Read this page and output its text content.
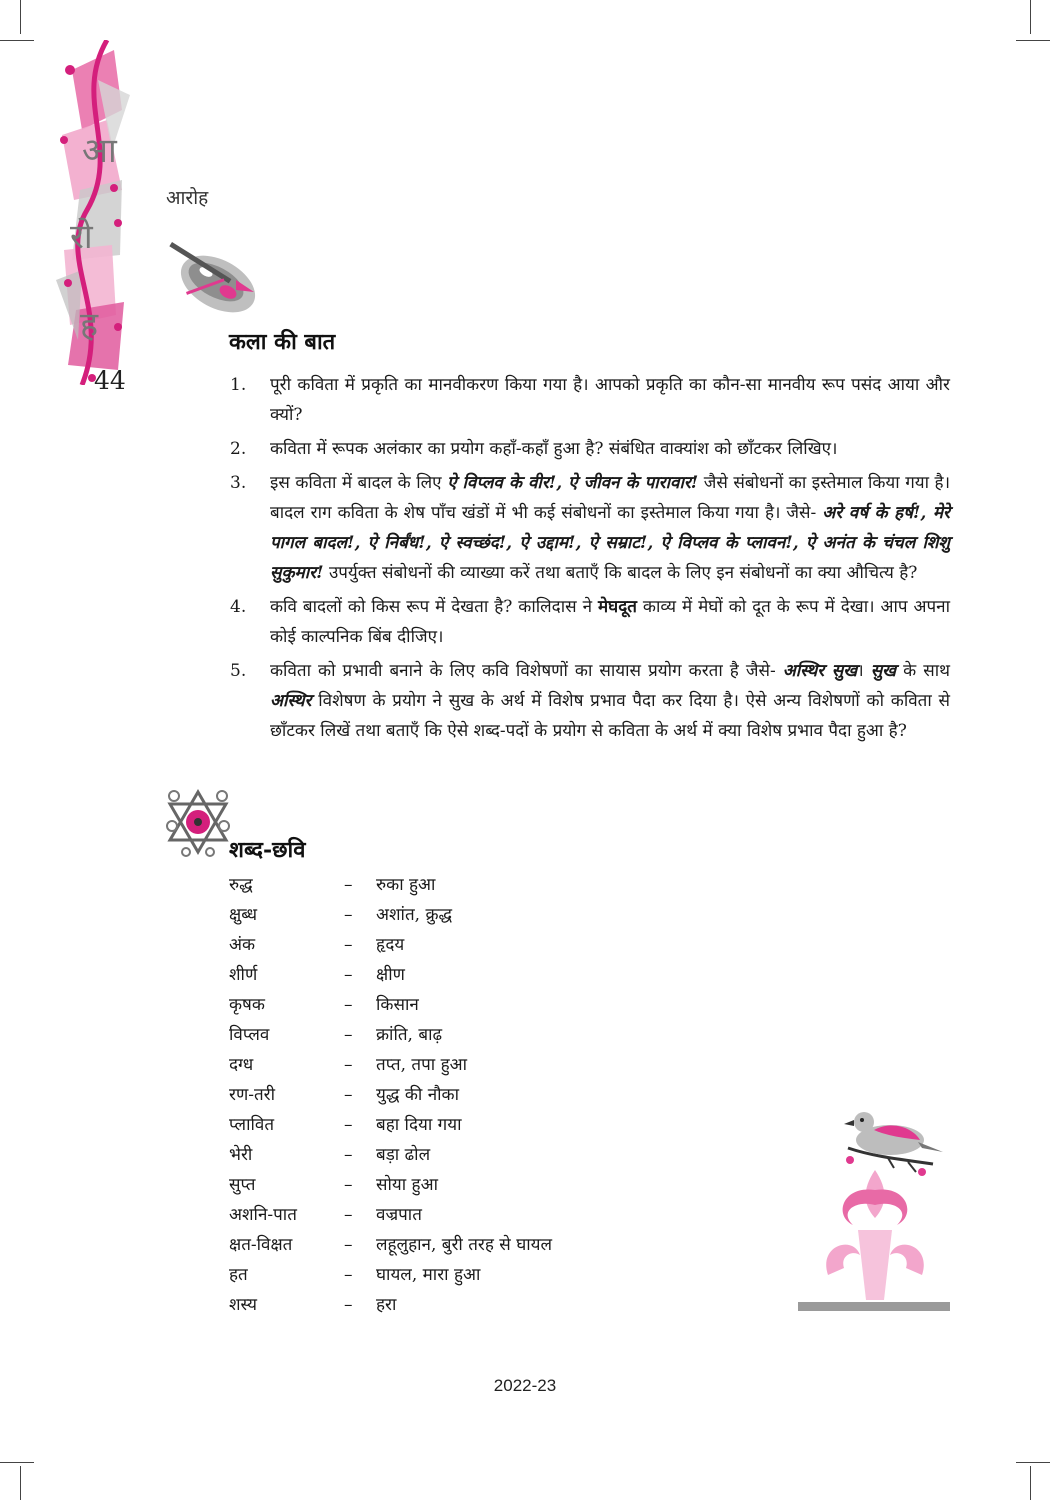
आ
रो
ह
44
आरोह
कला की बात
1. पूरी कविता में प्रकृति का मानवीकरण किया गया है। आपको प्रकृति का कौन-सा मानवीय रूप पसंद आया और क्यों?
2. कविता में रूपक अलंकार का प्रयोग कहाँ-कहाँ हुआ है? संबंधित वाक्यांश को छाँटकर लिखिए।
3. इस कविता में बादल के लिए ऐ विप्लव के वीर!, ऐ जीवन के पारावार! जैसे संबोधनों का इस्तेमाल किया गया है। बादल राग कविता के शेष पाँच खंडों में भी कई संबोधनों का इस्तेमाल किया गया है। जैसे- अरे वर्ष के हर्ष!, मेरे पागल बादल!, ऐ निर्बंध!, ऐ स्वच्छंद!, ऐ उद्दाम!, ऐ सम्राट!, ऐ विप्लव के प्लावन!, ऐ अनंत के चंचल शिशु सुकुमार! उपर्युक्त संबोधनों की व्याख्या करें तथा बताएँ कि बादल के लिए इन संबोधनों का क्या औचित्य है?
4. कवि बादलों को किस रूप में देखता है? कालिदास ने मेघदूत काव्य में मेघों को दूत के रूप में देखा। आप अपना कोई काल्पनिक बिंब दीजिए।
5. कविता को प्रभावी बनाने के लिए कवि विशेषणों का सायास प्रयोग करता है जैसे- अस्थिर सुख। सुख के साथ अस्थिर विशेषण के प्रयोग ने सुख के अर्थ में विशेष प्रभाव पैदा कर दिया है। ऐसे अन्य विशेषणों को कविता से छाँटकर लिखें तथा बताएँ कि ऐसे शब्द-पदों के प्रयोग से कविता के अर्थ में क्या विशेष प्रभाव पैदा हुआ है?
शब्द-छवि
रुद्ध	–	रुका हुआ
क्षुब्ध	–	अशांत, क्रुद्ध
अंक	–	हृदय
शीर्ण	–	क्षीण
कृषक	–	किसान
विप्लव	–	क्रांति, बाढ़
दग्ध	–	तप्त, तपा हुआ
रण-तरी	–	युद्ध की नौका
प्लावित	–	बहा दिया गया
भेरी	–	बड़ा ढोल
सुप्त	–	सोया हुआ
अशनि-पात	–	वज्रपात
क्षत-विक्षत	–	लहूलुहान, बुरी तरह से घायल
हत	–	घायल, मारा हुआ
शस्य	–	हरा
2022-23
